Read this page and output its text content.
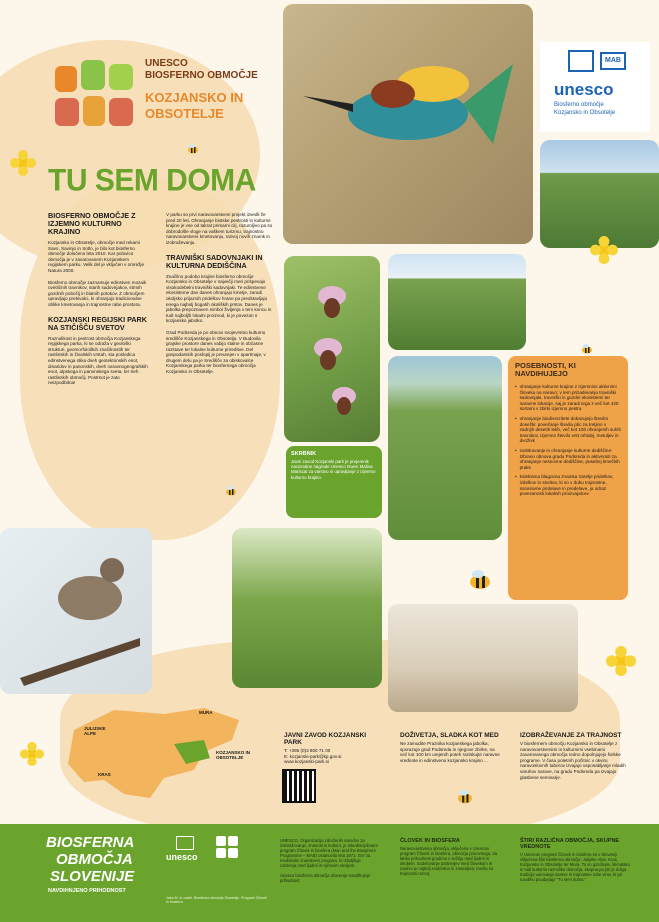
UNESCO
BIOSFERNO OBMOČJE
KOZJANSKO IN
OBSOTELJE
MAB
unesco
Biosferno območje
Kozjansko in Obsotelje
TU SEM DOMA
BIOSFERNO OBMOČJE Z IZJEMNO KULTURNO KRAJINO
Kozjansko in Obsotelje, območje med rekami Savo, Savinjo in Sotlo, je bilo kot biosferno območje določeno leta 2010. Kar polovico območja je v zavarovanem Kozjanskem regijskem parku. Velik del je vključen v omrežje Natura 2000.
Biosferno območje zaznamuje edinstven mozaik ovetličnih travnikov, starih sadovnjakov, strmih gozdnih pobočij in blatnih potokov. Z območjem upravljajo prebivalci, ki ohranjajo tradicionalne oblike kmetovanja in trajnostne rabe prostora.
KOZJANSKI REGIJSKI PARK NA STIČIŠČU SVETOV
Raznolikost in pestrost območja Kozjanskega regijskega parka, ki se odraža v geološki strukturi, geomorfoloških značilnostih ter rastlinskih in živalskih vrstah, sta posledica edinstvenega stika dveh geotektonskih enot, dinaridov in panonskih, dveh naravnogeografskih enot, alpskega in panonskega sveta, ter treh rastlinskih območij. Postrsot je zato neizpodbitna!
V parku so prvi naravovarstveni projekt izvedli že pred 20 leti. Ohranjanje biotske pestrosti in kulturne krajine je vse od takrat primarni cilj, razumljivo pa so dobrodošle vloge na vaškem turizmu, trajnostno naravovarstveni kmetovanju, razvoj novih znamk in izobraževanju.
TRAVNIŠKI SADOVNJAKI IN KULTURNA DEDIŠČINA
Značilno podobo krajine biosferno območje Kozjansko in Obsotelje v največji meri prispevajo visokodebelni travniški sadovnjaki. Te edinstvene ekosisteme dan danes ohranjajo kmetje, zaradi okoljsko prijaznih pridelkov hrane pa predstavljajo enega najbolj bogatih okoliških prstov. Danes je jabolka prepoznaven simbol življenja v tem koncu in tudi najboljši lokalni proizvod, ki je povezan s kozjansko jabolko.
Grad Podsreda je po obnovi svojevrstno kulturno središče Kozjanskega in Obsotelja. V Budovila grajske prostore danes vabijo stalne in občasne razstave ter lokalne kulturne prireditve. Del gospodarskih poslopij je preurejen v apartmaje, v drugem delu pa je Središče za obiskovalce Kozjanskega parka ter biosfernega območja Kozjansko in Obsotelje.
SKRBNIK
Javni zavod Kozjanski park je prejemnik nacionalne nagrade Unesco Gwen Malina Mariscal za varstvo in upravljanje z izjemno kulturno krajino.
POSEBNOSTI, KI NAVDIHUJEJO
• ohranjanje kulturne krajine z izjemnimi aktivnimi človeka na naravo; v tem prizadevanju travniški sadovnjaki, travniški in gozdni ekosistemi ter naravne lokacije, saj je zaradi tega z več kot 420 sortami v zbirki izjemno pestra
• ohranjanje biodiverzitete dokazujejo številni dosežki: povečanje števila ptic za tretjino v zadnjih desetih letih, več kot 100 ohranjenih suhih travnikov, izjemno število vrst orhidej, metuljev in dvoživk
• raziskovanje in ohranjanje kulturne dediščine: Izbrano obnova gradu Podsreda in aktivnosti za ohranjanje nesnovne dediščine, posebej kmečkih praks
• kolektivna blagovna znamka Sotelje pridelkov, izdelkov in storitev, ki so v duhu trajnostne, sonaravne pridelave in predelave, ja odraz povezanosti lokalnih proizvajalcev
JULIJSKE ALPE
KRAS
MURA
KOZJANSKO IN OBSOTELJE
JAVNI ZAVOD KOZJANSKI PARK
T: +386 (0)3 800 71 00
E: kozjanski-park@kp.gov.si
www.kozjanski-park.si
DOŽIVETJA, SLADKA KOT MED
Ne zamudite Praznika kozjanskega jabolka, sporazuje grad Podsreda in njegove zbirke, na več kot 100 km urejenih poteh raziskujte naravne vrednote in edinstveno kozjansko krajino ...
IZOBRAŽEVANJE ZA TRAJNOST
V biosfernem območju Kozjansko in Obsotelje z naravovarstvenimi in kulturnimi vsebinami zavarovanega območja redno dopolnjujejo šolske programe. V času poletnih počitnic v okviru naravoslovnih taborov izvajajo usposabljanje mladih varuhov narave, na gradu Podsreda pa izvajajo glasbene seminarje.
BIOSFERNA
OBMOČJA
SLOVENIJE
NAVDIHNJENO PRIHODNOST
unesco
Jaka M. in ostali. Biosferna območja Slovenije. Program Človek in biosfera.
UNESCO, Organizacija združenih narodov za izobraževanje, znanost in kulturo, je interdisciplinarni program Človek in biosfera (Man and the Biosphere Programme – MAB) ustanovila leta 1971. Gre za medvladni znanstveni program, ki izboljšuje razmerja med ljudmi in njihovim okoljem.
Unesco biosferna območja Slovenije navdihujejo prihodnost.
ČLOVEK IN BIOSFERA
Naravovarstvena območja, vključena v Unescov program Človek in biosfera, območja ponovnega, da lahko prihodnost gradimo v sožitju med ljudmi in okoljem. Sodelovanje partnerjev med človekom in naravo je najbolj evidentna in zanesljiva; merila za trajnostni razvoj.
ŠTIRI RAZLIČNA OBMOČJA, SKUPNE VREDNOTE
V Unescov program Človek in biosfera so v Sloveniji vključena štiri biosferna območja: Julijske Alpe, Kras, Kozjansko in Obsotelje ter Mura. To so gozdnate, klimatsko in tudi kulturno raznolike območja, skupna pa jim je dolga tradicija varovanja narave in trajnostne rabe virov, ki pri navdihu poudarjajo "Tu sem doma."
